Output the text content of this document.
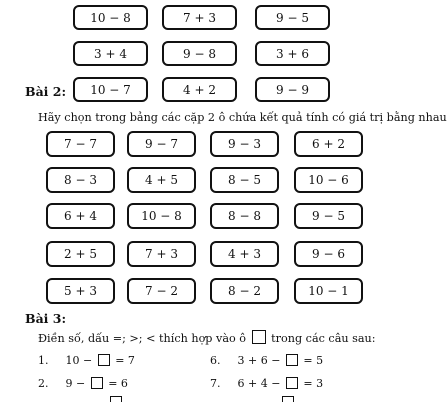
10 − 8	7 + 3	9 − 5
3 + 4	9 − 8	3 + 6
10 − 7	4 + 2	9 − 9
Bài 2:
Hãy chọn trong bảng các cặp 2 ô chứa kết quả tính có giá trị bằng nhau
7 − 7	9 − 7	9 − 3	6 + 2
8 − 3	4 + 5	8 − 5	10 − 6
6 + 4	10 − 8	8 − 8	9 − 5
2 + 5	7 + 3	4 + 3	9 − 6
5 + 3	7 − 2	8 − 2	10 − 1
Bài 3:
Điền số, dấu =; >; < thích hợp vào ô trong các câu sau:
1. 10 − = 7
2. 9 − = 6
6. 3 + 6 − = 5
7. 6 + 4 − = 3
